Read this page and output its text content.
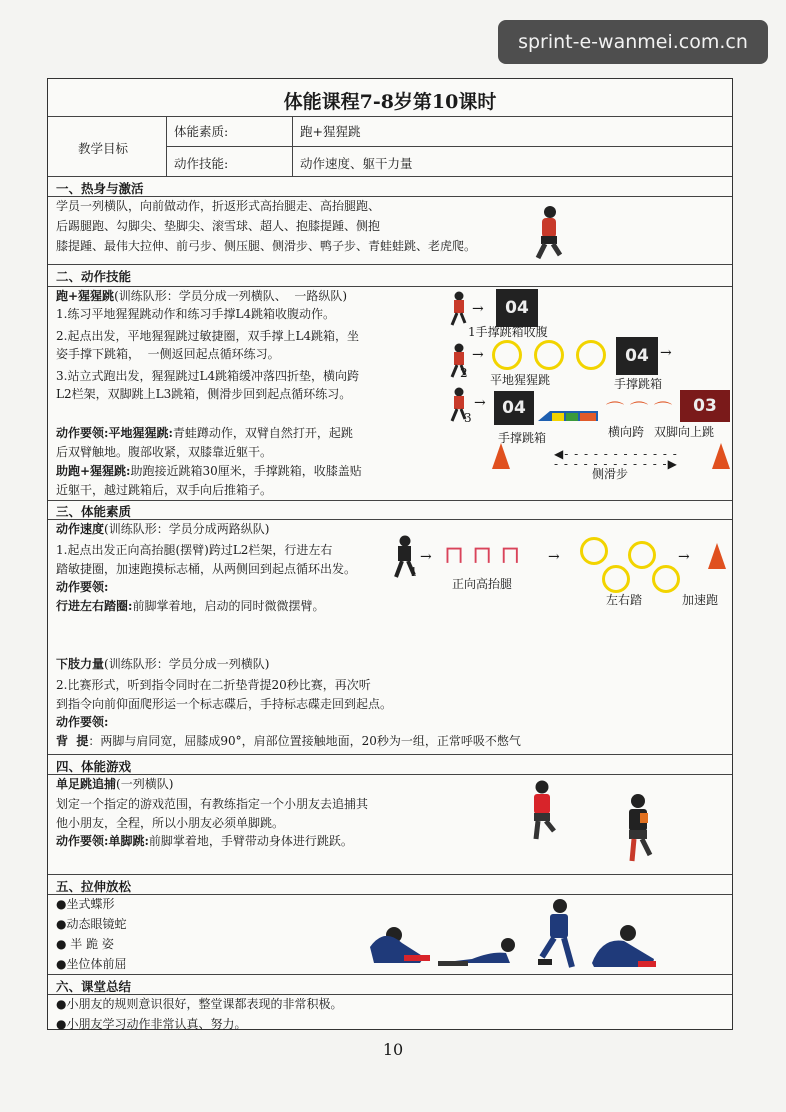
sprint-e-wanmei.com.cn
体能课程7-8岁第10课时
教学目标
体能素质:	跑+猩猩跳
动作技能:	动作速度、躯干力量
一、热身与激活
学员一列横队，向前做动作，折返形式高抬腿走、高抬腿跑、
后踢腿跑、勾脚尖、垫脚尖、滚雪球、超人、抱膝提踵、侧抱
膝提踵、最伟大拉伸、前弓步、侧压腿、侧滑步、鸭子步、青蛙蛙跳、老虎爬。
二、动作技能
跑+猩猩跳(训练队形：学员分成一列横队、  一路纵队)
1.练习平地猩猩跳动作和练习手撑L4跳箱收腹动作。
2.起点出发，平地猩猩跳过敏捷圈，双手撑上L4跳箱，坐
姿手撑下跳箱，  一侧返回起点循环练习。
3.站立式跑出发，猩猩跳过L4跳箱缓冲落四折垫，横向跨
L2栏架，双脚跳上L3跳箱，侧滑步回到起点循环练习。
动作要领:平地猩猩跳:青蛙蹲动作，双臂自然打开，起跳
后双臂触地。腹部收紧，双膝靠近躯干。
助跑+猩猩跳:助跑接近跳箱30厘米，手撑跳箱，收膝盖贴
近躯干，越过跳箱后，双手向后推箱子。
→	04
1手撑跳箱收腹
2
→	04 →
平地猩猩跳	手撑跳箱
3
→ 04	⌒⌒⌒ 03
手撑跳箱	横向跨 双脚向上跳
◀- - - - - - - - - - - -
- - - - - - - - - - - -▶
侧滑步
三、体能素质
动作速度(训练队形：学员分成两路纵队)
1.起点出发正向高抬腿(摆臂)跨过L2栏架，行进左右
踏敏捷圈，加速跑摸标志桶，从两侧回到起点循环出发。
动作要领:
行进左右踏圈:前脚掌着地，启动的同时微微摆臂。
1
→ ⊓⊓⊓ →
正向高抬腿
→
左右踏	加速跑
下肢力量(训练队形：学员分成一列横队)
2.比赛形式，听到指令同时在二折垫背提20秒比赛，再次听
到指令向前仰面爬形运一个标志碟后，手持标志碟走回到起点。
动作要领:
背  提：两脚与肩同宽，屈膝成90°，肩部位置接触地面，20秒为一组，正常呼吸不憋气
四、体能游戏
单足跳追捕(一列横队)
划定一个指定的游戏范围，有教练指定一个小朋友去追捕其
他小朋友，全程，所以小朋友必须单脚跳。
动作要领:单脚跳:前脚掌着地，手臂带动身体进行跳跃。
五、拉伸放松
●坐式蝶形
●动态眼镜蛇
● 半 跪 姿
●坐位体前屈
六、课堂总结
●小朋友的规则意识很好，整堂课都表现的非常积极。
●小朋友学习动作非常认真、努力。
10
